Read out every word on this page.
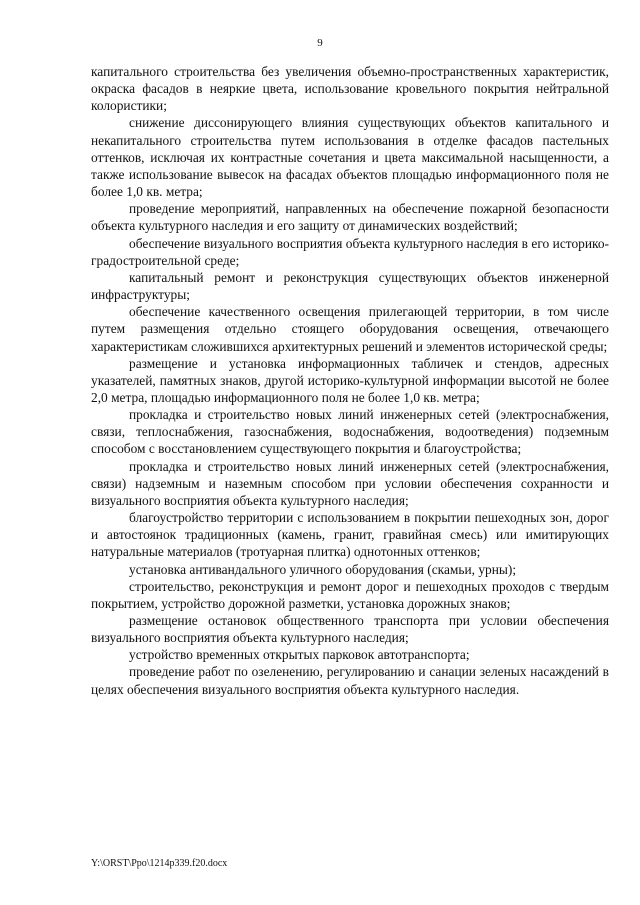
9

капитального строительства без увеличения объемно-пространственных характеристик, окраска фасадов в неяркие цвета, использование кровельного покрытия нейтральной колористики;

снижение диссонирующего влияния существующих объектов капитального и некапитального строительства путем использования в отделке фасадов пастельных оттенков, исключая их контрастные сочетания и цвета максимальной насыщенности, а также использование вывесок на фасадах объектов площадью информационного поля не более 1,0 кв. метра;

проведение мероприятий, направленных на обеспечение пожарной безопасности объекта культурного наследия и его защиту от динамических воздействий;

обеспечение визуального восприятия объекта культурного наследия в его историко-градостроительной среде;

капитальный ремонт и реконструкция существующих объектов инженерной инфраструктуры;

обеспечение качественного освещения прилегающей территории, в том числе путем размещения отдельно стоящего оборудования освещения, отвечающего характеристикам сложившихся архитектурных решений и элементов исторической среды;

размещение и установка информационных табличек и стендов, адресных указателей, памятных знаков, другой историко-культурной информации высотой не более 2,0 метра, площадью информационного поля не более 1,0 кв. метра;

прокладка и строительство новых линий инженерных сетей (электроснабжения, связи, теплоснабжения, газоснабжения, водоснабжения, водоотведения) подземным способом с восстановлением существующего покрытия и благоустройства;

прокладка и строительство новых линий инженерных сетей (электроснабжения, связи) надземным и наземным способом при условии обеспечения сохранности и визуального восприятия объекта культурного наследия;

благоустройство территории с использованием в покрытии пешеходных зон, дорог и автостоянок традиционных (камень, гранит, гравийная смесь) или имитирующих натуральные материалов (тротуарная плитка) однотонных оттенков;

установка антивандального уличного оборудования (скамьи, урны);

строительство, реконструкция и ремонт дорог и пешеходных проходов с твердым покрытием, устройство дорожной разметки, установка дорожных знаков;

размещение остановок общественного транспорта при условии обеспечения визуального восприятия объекта культурного наследия;

устройство временных открытых парковок автотранспорта;

проведение работ по озеленению, регулированию и санации зеленых насаждений в целях обеспечения визуального восприятия объекта культурного наследия.

Y:\ORST\Ppo\1214p339.f20.docx
